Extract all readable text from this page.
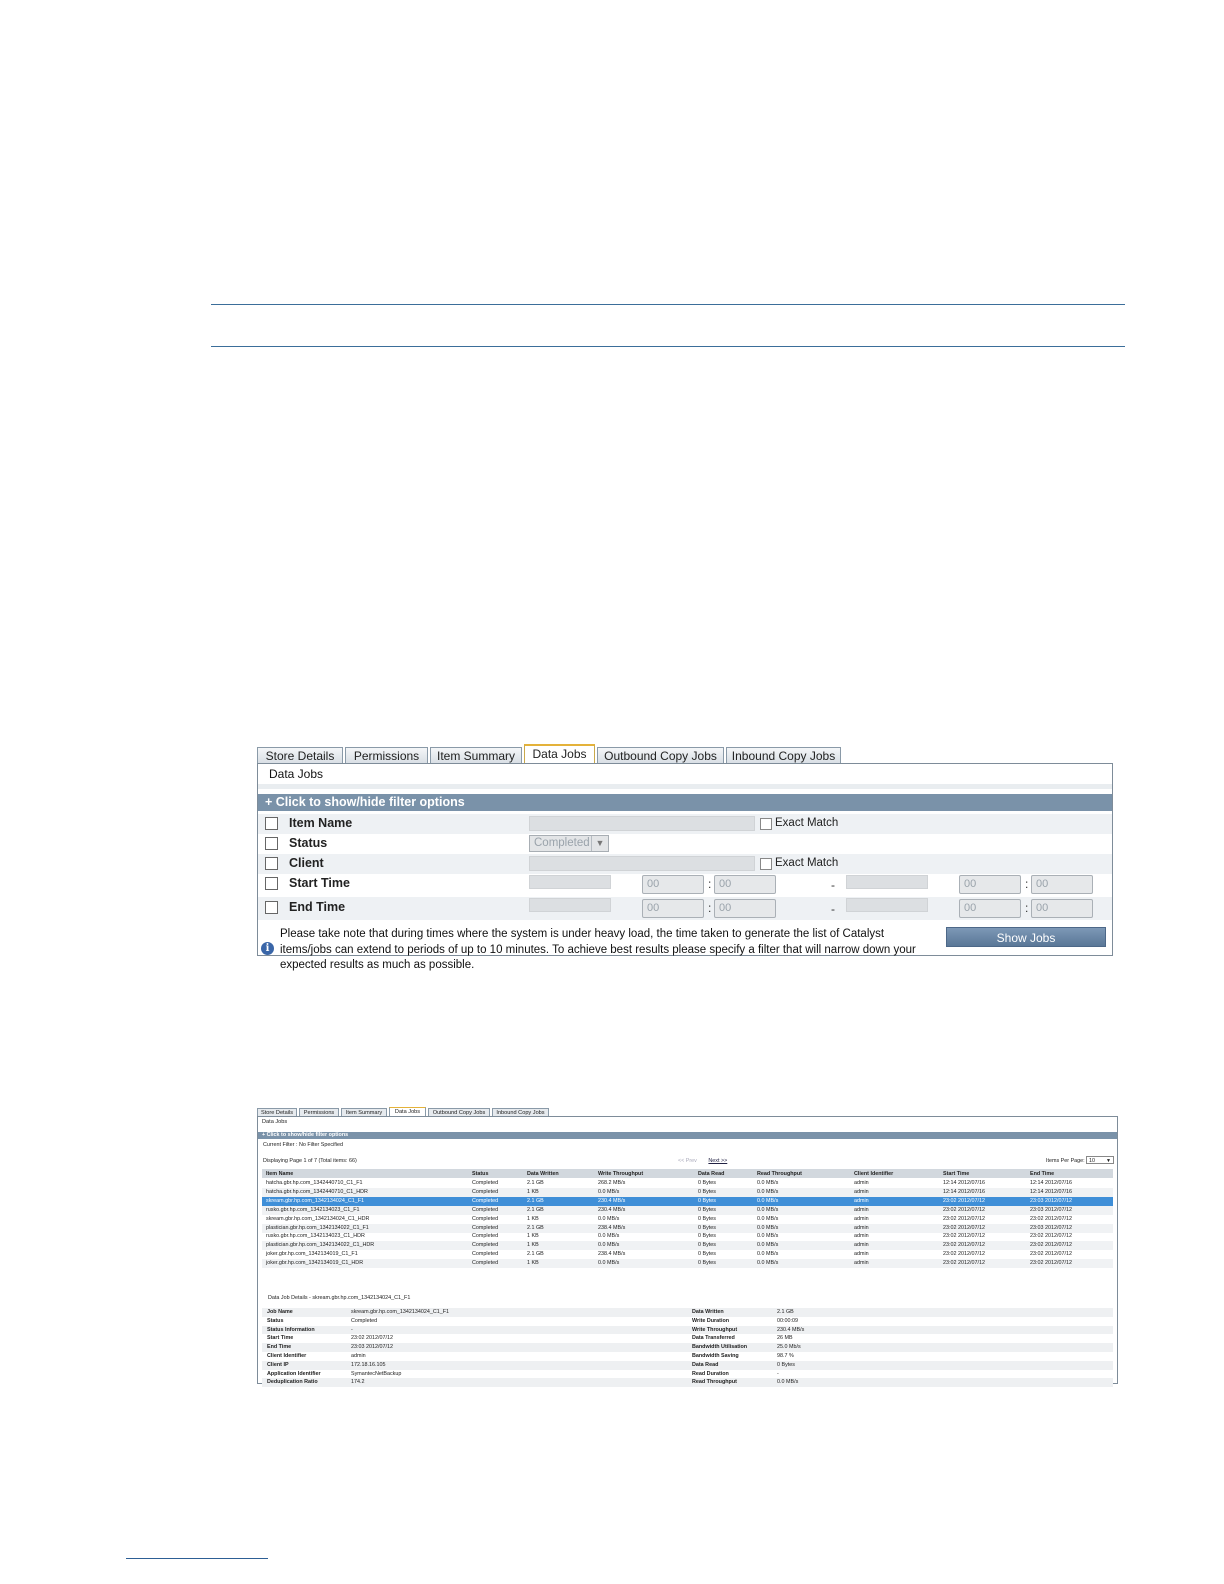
Store Details	Permissions	Item Summary	Data Jobs	Outbound Copy Jobs	Inbound Copy Jobs
Data Jobs
+ Click to show/hide filter options
Item Name	Exact Match
Status	Completed ▼
Client	Exact Match
Start Time	00	: 00	-	00	: 00
End Time	00	: 00	-	00	: 00
Show Jobs
i
Please take note that during times where the system is under heavy load, the time taken to generate the list of Catalyst items/jobs can extend to periods of up to 10 minutes. To achieve best results please specify a filter that will narrow down your expected results as much as possible.
Store Details	Permissions	Item Summary	Data Jobs	Outbound Copy Jobs	Inbound Copy Jobs
Data Jobs
+ Click to show/hide filter options
Current Filter : No Filter Specified
Displaying Page 1 of 7 (Total items: 66)	<< Prev Next >>	Items Per Page: 10 ▼
Item Name	Status	Data Written	Write Throughput	Data Read	Read Throughput	Client Identifier	Start Time	End Time
hatcha.gbr.hp.com_1342440710_C1_F1	Completed	2.1 GB	268.2 MB/s	0 Bytes	0.0 MB/s	admin	12:14 2012/07/16	12:14 2012/07/16
hatcha.gbr.hp.com_1342440710_C1_HDR	Completed	1 KB	0.0 MB/s	0 Bytes	0.0 MB/s	admin	12:14 2012/07/16	12:14 2012/07/16
skream.gbr.hp.com_1342134024_C1_F1	Completed	2.1 GB	230.4 MB/s	0 Bytes	0.0 MB/s	admin	23:02 2012/07/12	23:03 2012/07/12
rusko.gbr.hp.com_1342134023_C1_F1	Completed	2.1 GB	230.4 MB/s	0 Bytes	0.0 MB/s	admin	23:02 2012/07/12	23:03 2012/07/12
skream.gbr.hp.com_1342134024_C1_HDR	Completed	1 KB	0.0 MB/s	0 Bytes	0.0 MB/s	admin	23:02 2012/07/12	23:02 2012/07/12
plastician.gbr.hp.com_1342134022_C1_F1	Completed	2.1 GB	238.4 MB/s	0 Bytes	0.0 MB/s	admin	23:02 2012/07/12	23:03 2012/07/12
rusko.gbr.hp.com_1342134023_C1_HDR	Completed	1 KB	0.0 MB/s	0 Bytes	0.0 MB/s	admin	23:02 2012/07/12	23:02 2012/07/12
plastician.gbr.hp.com_1342134022_C1_HDR	Completed	1 KB	0.0 MB/s	0 Bytes	0.0 MB/s	admin	23:02 2012/07/12	23:02 2012/07/12
joker.gbr.hp.com_1342134019_C1_F1	Completed	2.1 GB	238.4 MB/s	0 Bytes	0.0 MB/s	admin	23:02 2012/07/12	23:02 2012/07/12
joker.gbr.hp.com_1342134019_C1_HDR	Completed	1 KB	0.0 MB/s	0 Bytes	0.0 MB/s	admin	23:02 2012/07/12	23:02 2012/07/12
Data Job Details - skream.gbr.hp.com_1342134024_C1_F1
Job Name	skream.gbr.hp.com_1342134024_C1_F1	Data Written	2.1 GB
Status	Completed	Write Duration	00:00:09
Status Information	-	Write Throughput	230.4 MB/s
Start Time	23:02 2012/07/12	Data Transferred	26 MB
End Time	23:03 2012/07/12	Bandwidth Utilisation	25.0 Mb/s
Client Identifier	admin	Bandwidth Saving	98.7 %
Client IP	172.18.16.105	Data Read	0 Bytes
Application Identifier	SymantecNetBackup	Read Duration	-
Deduplication Ratio	174.2	Read Throughput	0.0 MB/s
